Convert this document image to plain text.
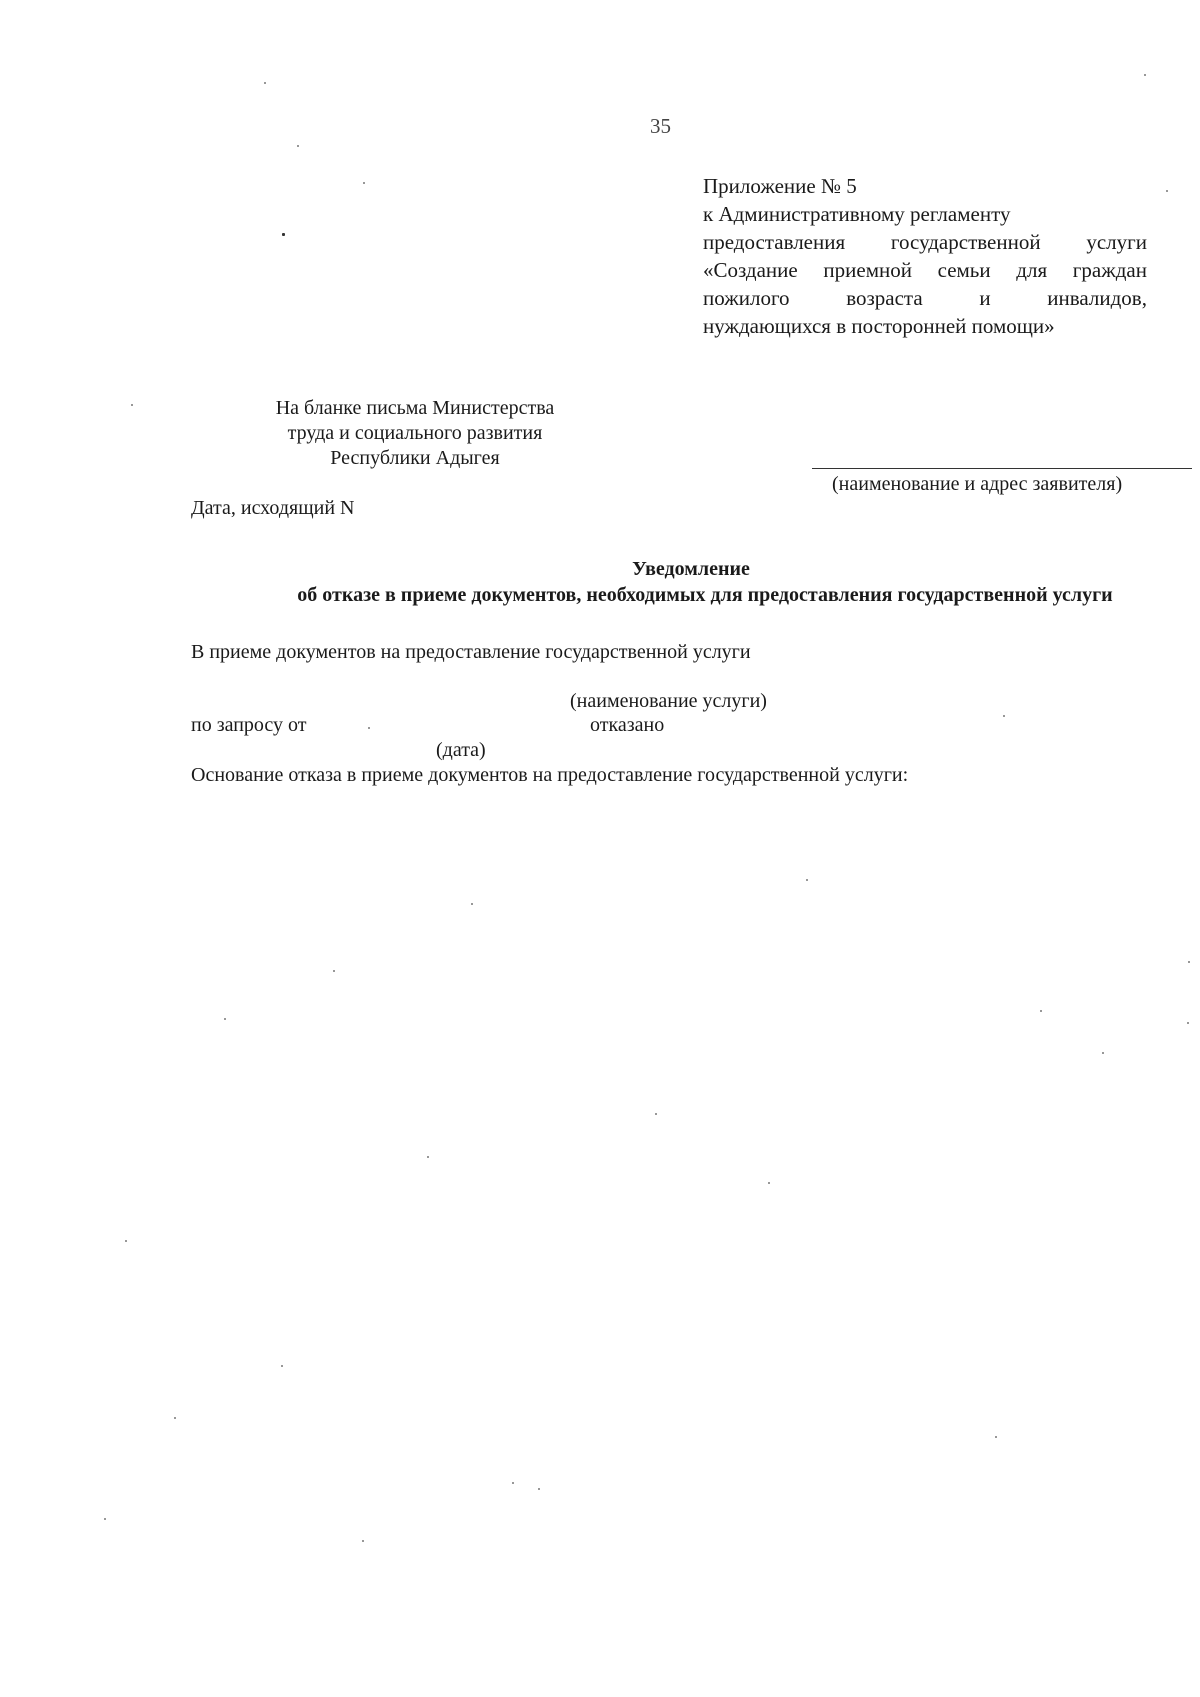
35
Приложение № 5
к Административному регламенту
предоставления государственной услуги
«Создание приемной семьи для граждан
пожилого	возраста	и	инвалидов,
нуждающихся в посторонней помощи»
На бланке письма Министерства
труда и социального развития
Республики Адыгея
(наименование и адрес заявителя)
Дата, исходящий N
Уведомление
об отказе в приеме документов, необходимых для предоставления государственной услуги
В приеме документов на предоставление государственной услуги
(наименование услуги)
по запросу от	отказано
(дата)
Основание отказа в приеме документов на предоставление государственной услуги:
